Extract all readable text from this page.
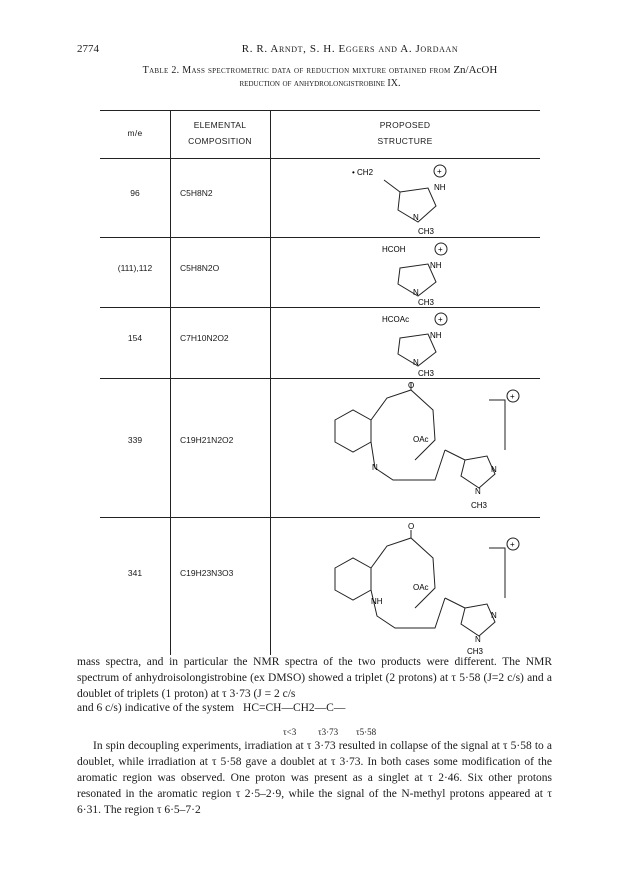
2774	R. R. Arndt, S. H. Eggers and A. Jordaan
Table 2. Mass spectrometric data of reduction mixture obtained from Zn/AcOH
reduction of anhydrolongistrobine IX.
m/e
ELEMENTAL
COMPOSITION
PROPOSED
STRUCTURE
96	C5H8N2
• CH2	+
NH
N
CH3
(111),112	C5H8N2O
HCOH	+
NH
N
CH3
154	C7H10N2O2
HCOAc	+
NH
N
CH3
339	C19H21N2O2
O
OAc
N	N
N
CH3
+
341	C19H23N3O3
O
OAc
NH
N
N
CH3
+
mass spectra, and in particular the NMR spectra of the two products were different. The NMR spectrum of anhydroisolongistrobine (ex DMSO) showed a triplet (2 protons) at τ 5·58 (J=2 c/s) and a doublet of triplets (1 proton) at τ 3·73 (J = 2 c/s
and 6 c/s) indicative of the system HC=CH—CH2—C—
τ<3 τ3·73 τ5·58
In spin decoupling experiments, irradiation at τ 3·73 resulted in collapse of the signal at τ 5·58 to a doublet, while irradiation at τ 5·58 gave a doublet at τ 3·73. In both cases some modification of the aromatic region was observed. One proton was present as a singlet at τ 2·46. Six other protons resonated in the aromatic region τ 2·5–2·9, while the signal of the N-methyl protons appeared at τ 6·31. The region τ 6·5–7·2
